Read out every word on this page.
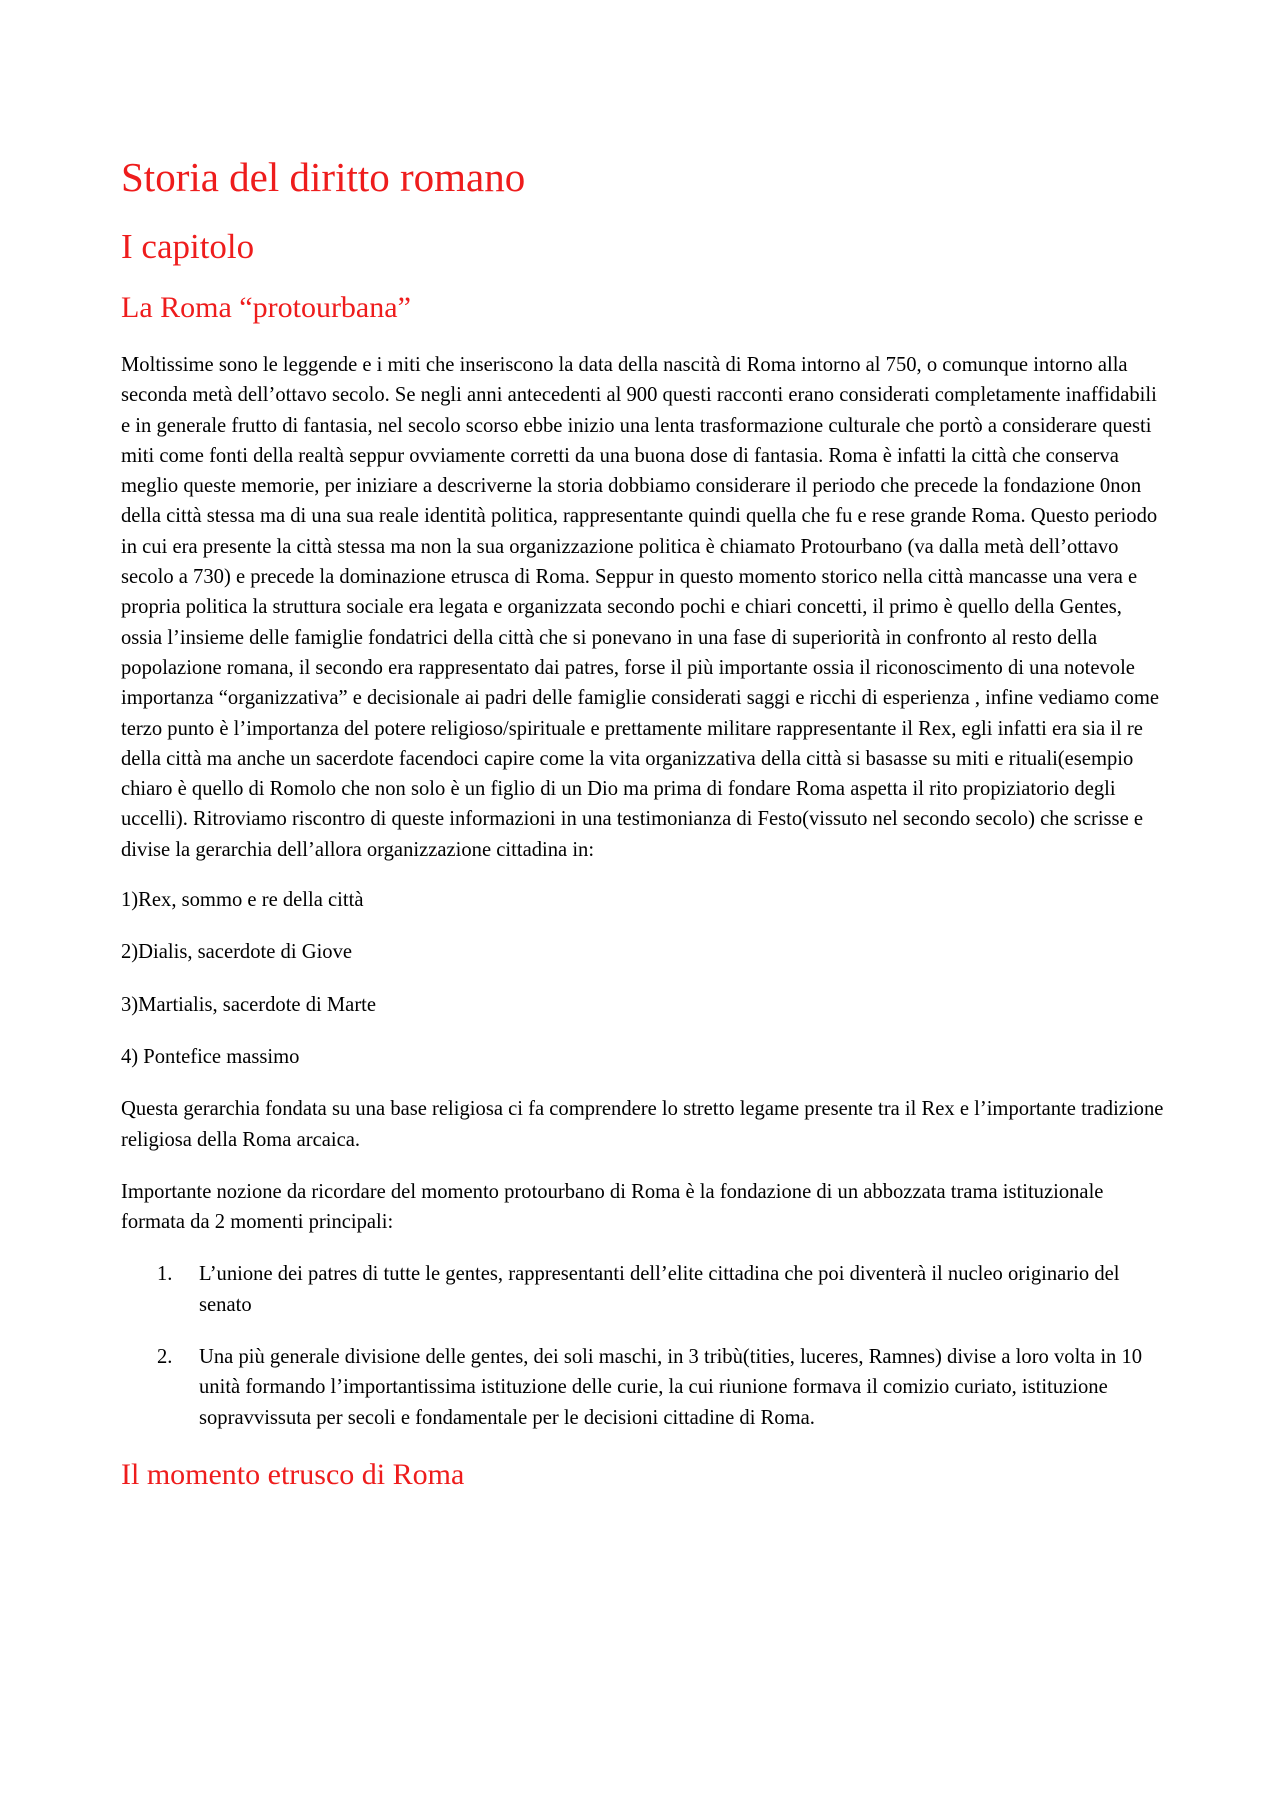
Storia del diritto romano
I capitolo
La Roma “protourbana”

Moltissime sono le leggende e i miti che inseriscono la data della nascità di Roma intorno al 750, o comunque intorno alla seconda metà dell’ottavo secolo. Se negli anni antecedenti al 900 questi racconti erano considerati completamente inaffidabili e in generale frutto di fantasia, nel secolo scorso ebbe inizio una lenta trasformazione culturale che portò a considerare questi miti come fonti della realtà seppur ovviamente corretti da una buona dose di fantasia. Roma è infatti la città che conserva meglio queste memorie, per iniziare a descriverne la storia dobbiamo considerare il periodo che precede la fondazione 0non della città stessa ma di una sua reale identità politica, rappresentante quindi quella che fu e rese grande Roma. Questo periodo in cui era presente la città stessa ma non la sua organizzazione politica è chiamato Protourbano (va dalla metà dell’ottavo secolo a 730) e precede la dominazione etrusca di Roma. Seppur in questo momento storico nella città mancasse una vera e propria politica la struttura sociale era legata e organizzata secondo pochi e chiari concetti, il primo è quello della Gentes, ossia l’insieme delle famiglie fondatrici della città che si ponevano in una fase di superiorità in confronto al resto della popolazione romana, il secondo era rappresentato dai patres, forse il più importante ossia il riconoscimento di una notevole importanza “organizzativa” e decisionale ai padri delle famiglie considerati saggi e ricchi di esperienza , infine vediamo come terzo punto è l’importanza del potere religioso/spirituale e prettamente militare rappresentante il Rex, egli infatti era sia il re della città ma anche un sacerdote facendoci capire come la vita organizzativa della città si basasse su miti e rituali(esempio chiaro è quello di Romolo che non solo è un figlio di un Dio ma prima di fondare Roma aspetta il rito propiziatorio degli uccelli). Ritroviamo riscontro di queste informazioni in una testimonianza di Festo(vissuto nel secondo secolo) che scrisse e divise la gerarchia dell’allora organizzazione cittadina in:

1)Rex, sommo e re della città

2)Dialis, sacerdote di Giove

3)Martialis, sacerdote di Marte

4) Pontefice massimo

Questa gerarchia fondata su una base religiosa ci fa comprendere lo stretto legame presente tra il Rex e l’importante tradizione religiosa della Roma arcaica.

Importante nozione da ricordare del momento protourbano di Roma è la fondazione di un abbozzata trama istituzionale formata da 2 momenti principali:

1. L’unione dei patres di tutte le gentes, rappresentanti dell’elite cittadina che poi diventerà il nucleo originario del senato
2. Una più generale divisione delle gentes, dei soli maschi, in 3 tribù(tities, luceres, Ramnes) divise a loro volta in 10 unità formando l’importantissima istituzione delle curie, la cui riunione formava il comizio curiato, istituzione sopravvissuta per secoli e fondamentale per le decisioni cittadine di Roma.
Il momento etrusco di Roma
